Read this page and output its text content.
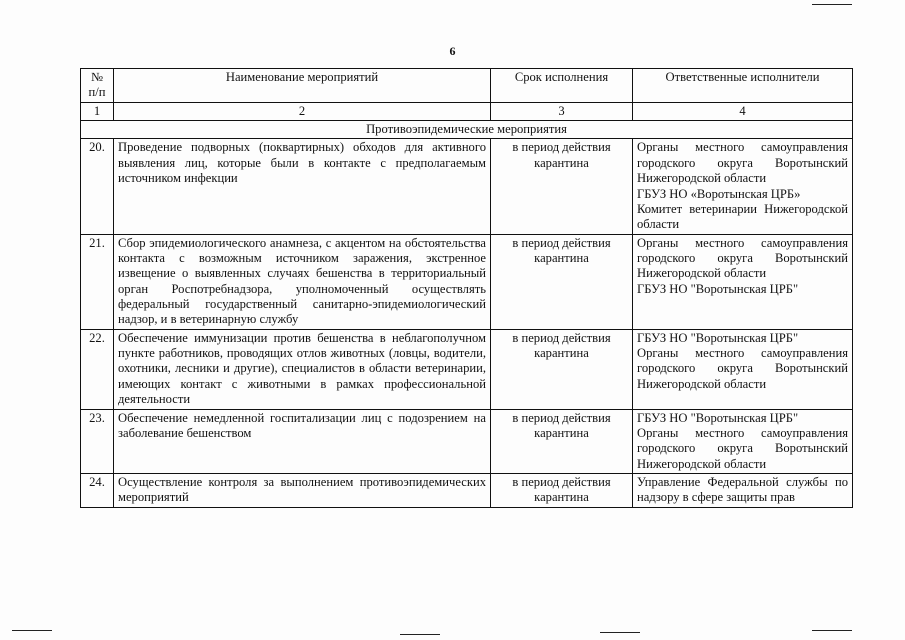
6
№ п/п	Наименование мероприятий	Срок исполнения	Ответственные исполнители
1	2	3	4
Противоэпидемические мероприятия			
20.	Проведение подворных (поквартирных) обходов для активного выявления лиц, которые были в контакте с предполагаемым источником инфекции	в период действия карантина	Органы местного самоуправления городского округа Воротынский Нижегородской области
ГБУЗ НО «Воротынская ЦРБ»
Комитет ветеринарии Нижегородской области

21.	Сбор эпидемиологического анамнеза, с акцентом на обстоятельства контакта с возможным источником заражения, экстренное извещение о выявленных случаях бешенства в территориальный орган Роспотребнадзора, уполномоченный осуществлять федеральный государственный санитарно-эпидемиологический надзор, и в ветеринарную службу	в период действия карантина	Органы местного самоуправления городского округа Воротынский Нижегородской области
ГБУЗ НО "Воротынская ЦРБ"

22.	Обеспечение иммунизации против бешенства в неблагополучном пункте работников, проводящих отлов животных (ловцы, водители, охотники, лесники и другие), специалистов в области ветеринарии, имеющих контакт с животными в рамках профессиональной деятельности	в период действия карантина	ГБУЗ НО "Воротынская ЦРБ"
Органы местного самоуправления городского округа Воротынский Нижегородской области

23.	Обеспечение немедленной госпитализации лиц с подозрением на заболевание бешенством	в период действия карантина	ГБУЗ НО "Воротынская ЦРБ"
Органы местного самоуправления городского округа Воротынский Нижегородской области

24.	Осуществление контроля за выполнением противоэпидемических мероприятий	в период действия карантина	Управление Федеральной службы по надзору в сфере защиты прав
